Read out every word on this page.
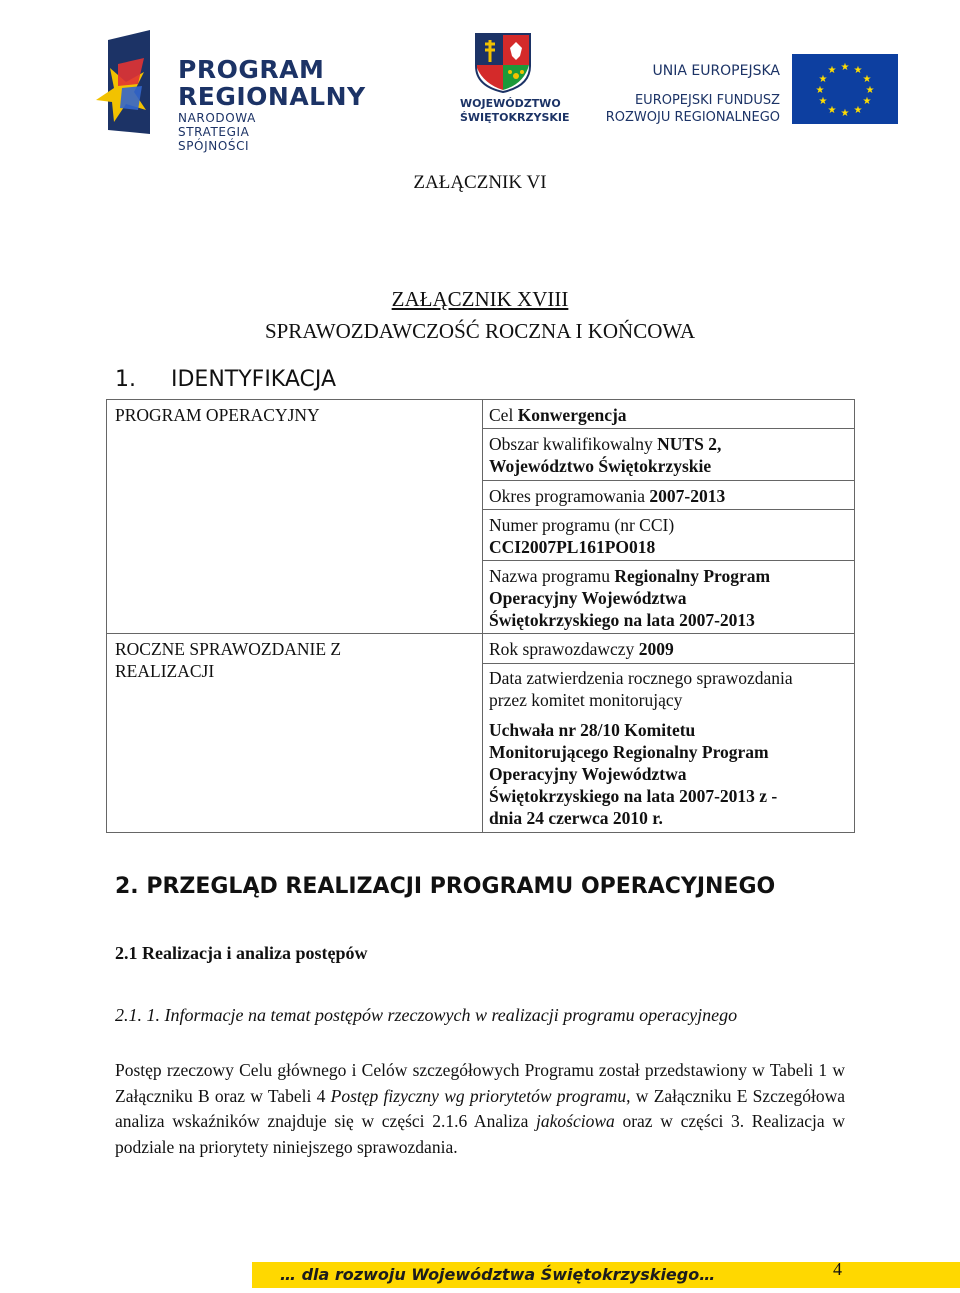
PROGRAM
REGIONALNY
NARODOWA STRATEGIA SPÓJNOŚCI
WOJEWÓDZTWO
ŚWIĘTOKRZYSKIE
UNIA EUROPEJSKA
EUROPEJSKI FUNDUSZ
ROZWOJU REGIONALNEGO
★ ★
★
★
★
★
★
★
★
★
★
★
ZAŁĄCZNIK VI
ZAŁĄCZNIK XVIII
SPRAWOZDAWCZOŚĆ ROCZNA I KOŃCOWA
1. IDENTYFIKACJA
PROGRAM OPERACYJNY
ROCZNE SPRAWOZDANIE Z REALIZACJI
Cel Konwergencja
Obszar kwalifikowalny NUTS 2,
Województwo Świętokrzyskie
Okres programowania 2007-2013
Numer programu (nr CCI)
CCI2007PL161PO018
Nazwa programu Regionalny Program
Operacyjny Województwa
Świętokrzyskiego na lata 2007-2013
Rok sprawozdawczy 2009
Data zatwierdzenia rocznego sprawozdania
przez komitet monitorujący
Uchwała nr 28/10 Komitetu
Monitorującego Regionalny Program
Operacyjny Województwa
Świętokrzyskiego na lata 2007-2013 z -
dnia 24 czerwca 2010 r.
2. PRZEGLĄD REALIZACJI PROGRAMU OPERACYJNEGO
2.1 Realizacja i analiza postępów
2.1. 1. Informacje na temat postępów rzeczowych w realizacji programu operacyjnego
Postęp rzeczowy Celu głównego i Celów szczegółowych Programu został przedstawiony w Tabeli 1 w Załączniku B oraz w Tabeli 4 Postęp fizyczny wg priorytetów programu, w Załączniku E Szczegółowa analiza wskaźników znajduje się w części 2.1.6 Analiza jakościowa oraz w części 3. Realizacja w podziale na priorytety niniejszego sprawozdania.
… dla rozwoju Województwa Świętokrzyskiego…	4
